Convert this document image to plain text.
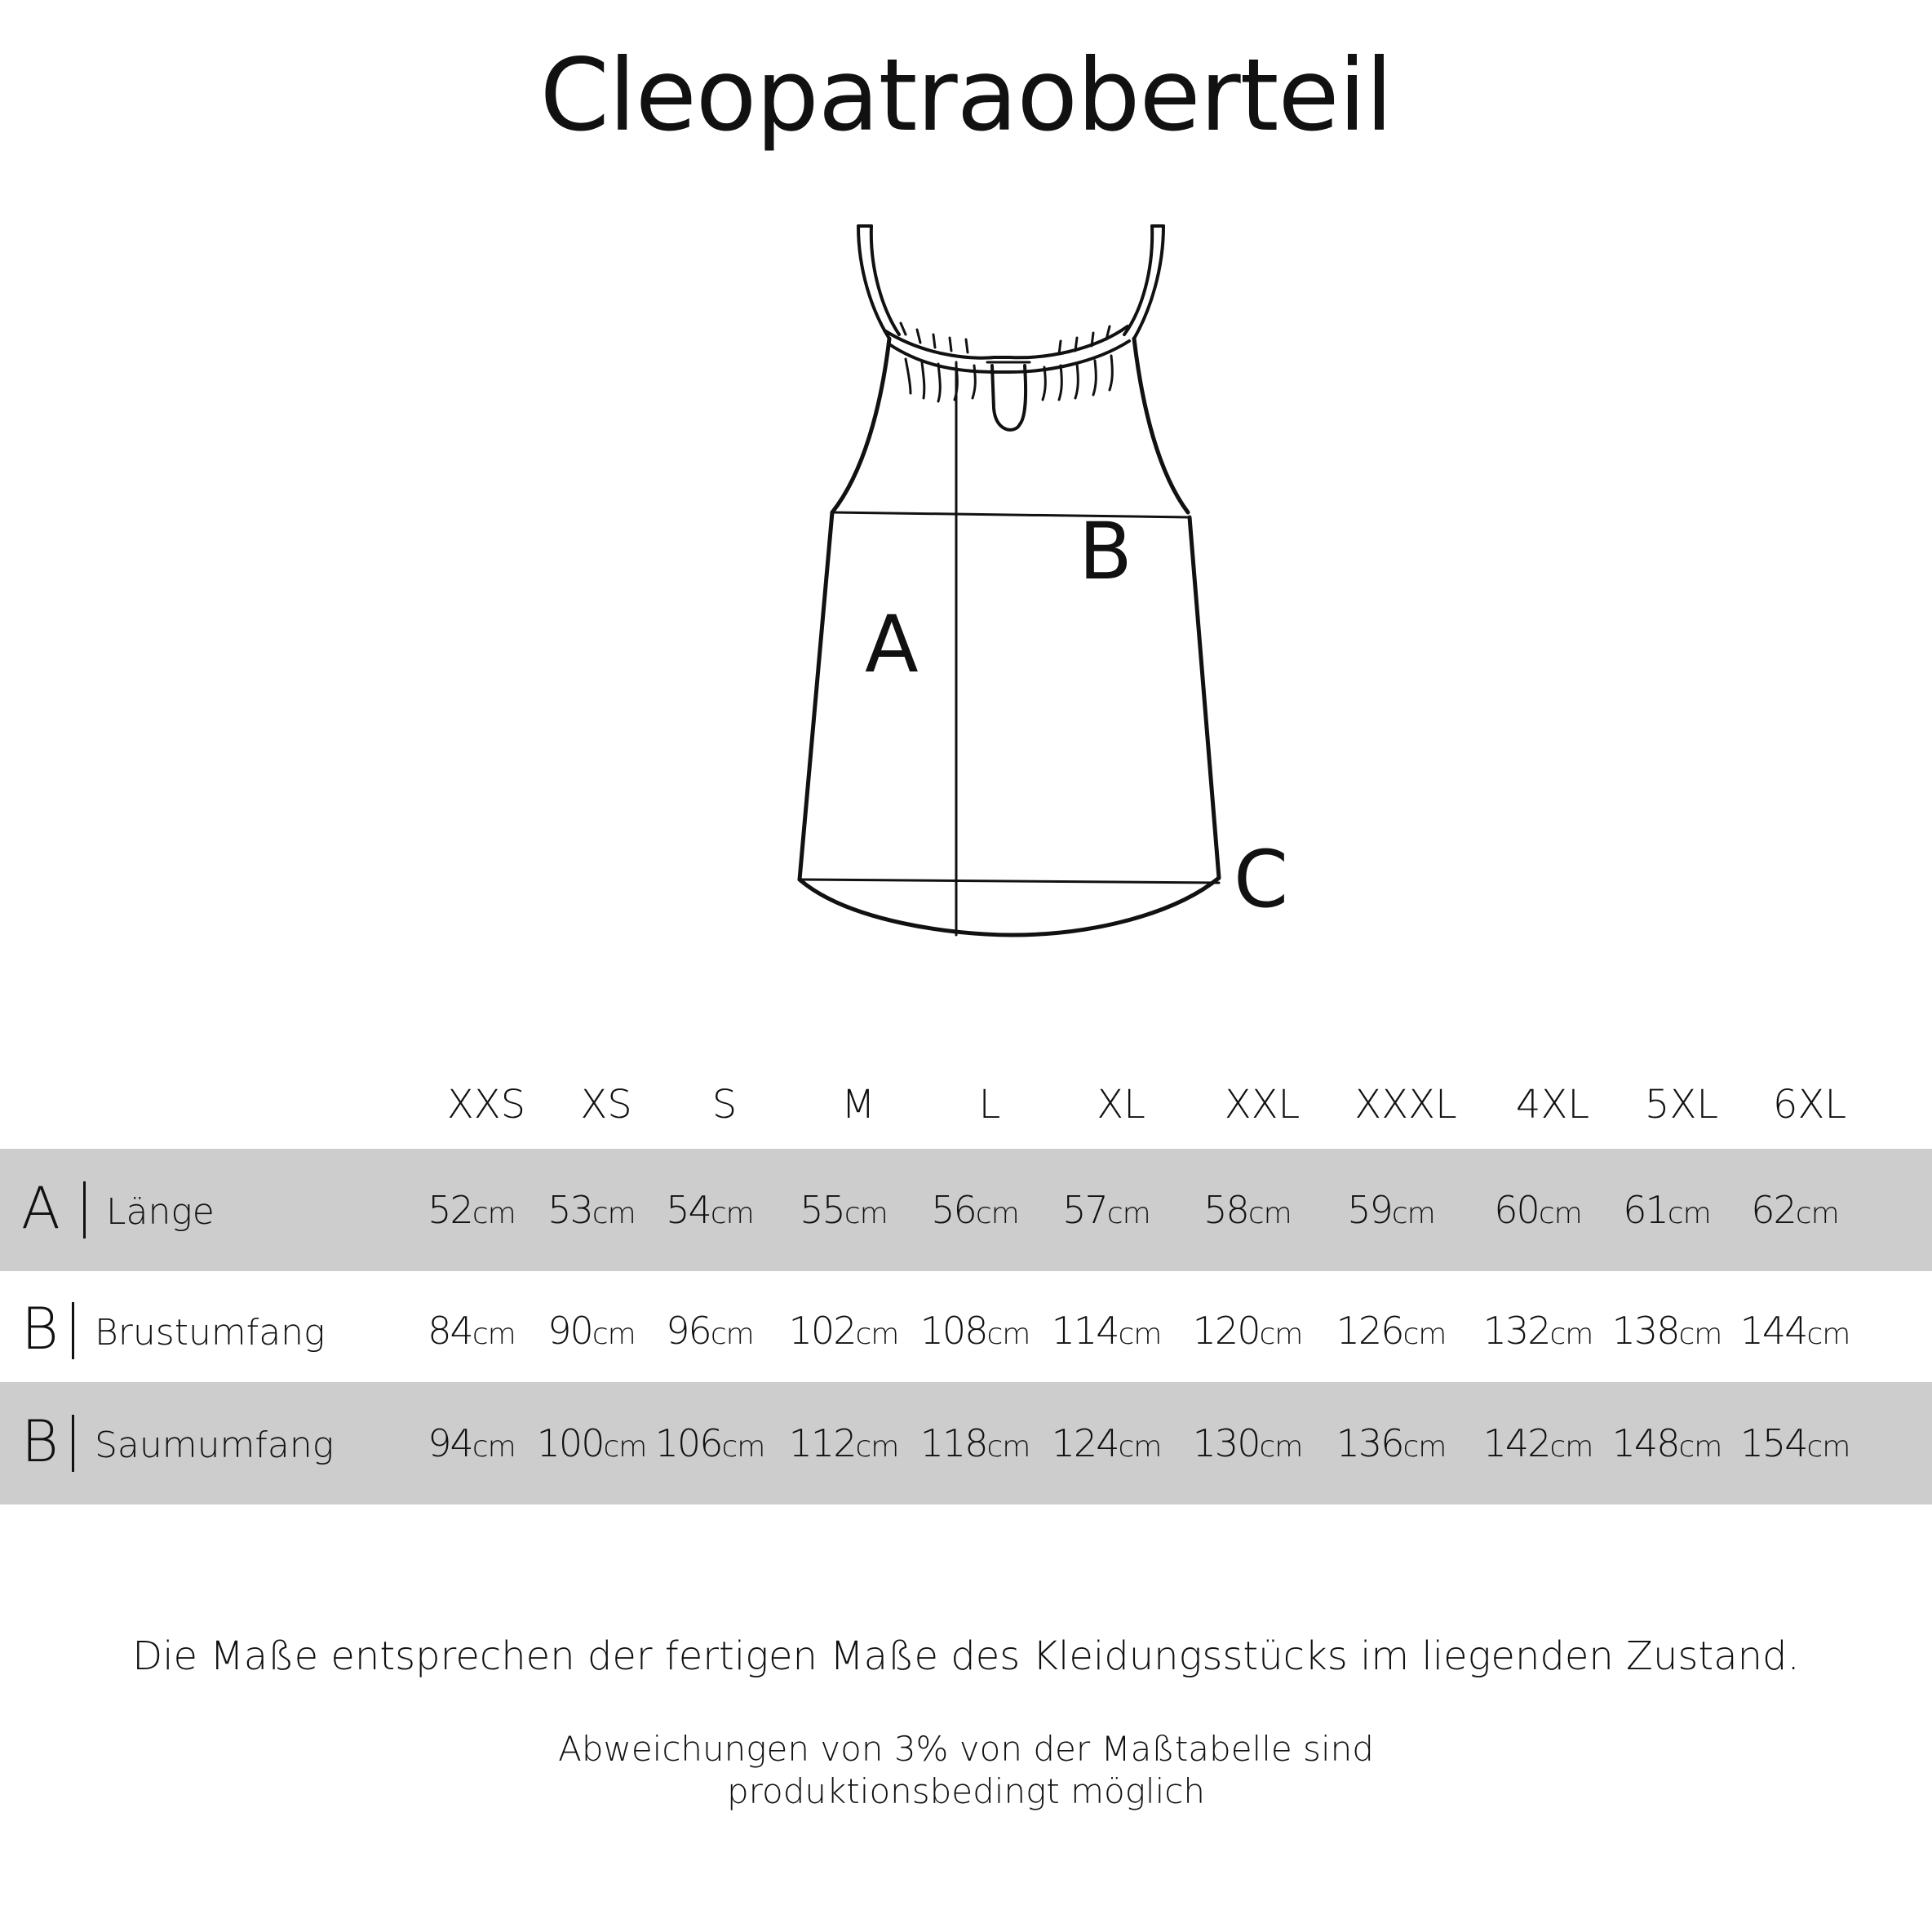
Cleopatraoberteil
A
B
C
XXS XS S	M	L XL XXL XXXL 4XL 5XL 6XL
A Länge	52cm 53cm 54cm 55cm 56cm 57cm 58cm 59cm 60cm 61cm 62cm
B Brustumfang	84cm 90cm 96cm 102cm 108cm 114cm 120cm 126cm 132cm 138cm 144cm
B Saumumfang	94cm 100cm 106cm 112cm 118cm 124cm 130cm 136cm 142cm 148cm 154cm
Die Maße entsprechen der fertigen Maße des Kleidungsstücks im liegenden Zustand.
Abweichungen von 3% von der Maßtabelle sind
produktionsbedingt möglich
